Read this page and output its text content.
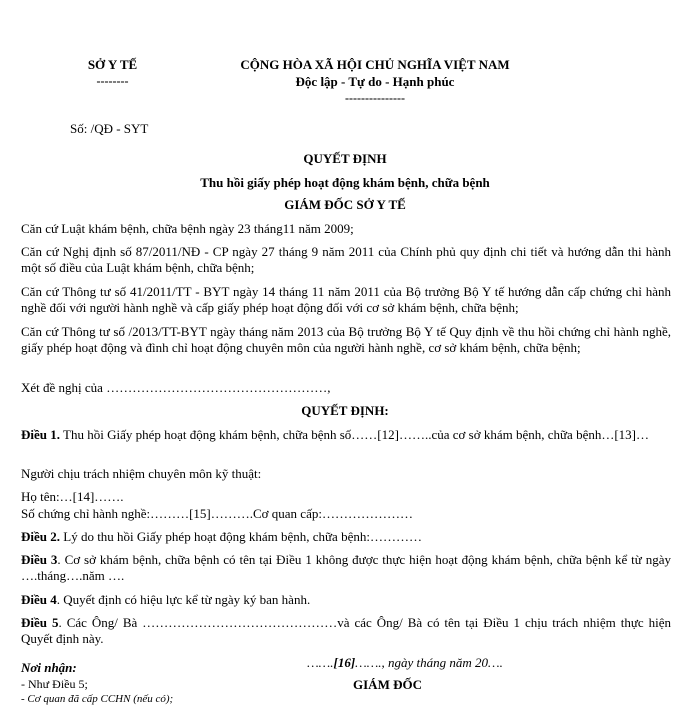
SỞ Y TẾ
--------
CỘNG HÒA XÃ HỘI CHỦ NGHĨA VIỆT NAM
Độc lập - Tự do - Hạnh phúc
---------------
Số: /QĐ - SYT
QUYẾT ĐỊNH
Thu hồi giấy phép hoạt động khám bệnh, chữa bệnh
GIÁM ĐỐC SỞ Y TẾ
Căn cứ Luật khám bệnh, chữa bệnh ngày 23 tháng11 năm 2009;
Căn cứ Nghị định số 87/2011/NĐ - CP ngày 27 tháng 9 năm 2011 của Chính phủ quy định chi tiết và hướng dẫn thi hành một số điều của Luật khám bệnh, chữa bệnh;
Căn cứ Thông tư số 41/2011/TT - BYT ngày 14 tháng 11 năm 2011 của Bộ trưởng Bộ Y tế hướng dẫn cấp chứng chỉ hành nghề đối với người hành nghề và cấp giấy phép hoạt động đối với cơ sở khám bệnh, chữa bệnh;
Căn cứ Thông tư số /2013/TT-BYT ngày tháng năm 2013 của Bộ trưởng Bộ Y tế Quy định về thu hồi chứng chỉ hành nghề, giấy phép hoạt động và đình chỉ hoạt động chuyên môn của người hành nghề, cơ sở khám bệnh, chữa bệnh;
Xét đề nghị của ……………………………………………,
QUYẾT ĐỊNH:
Điều 1. Thu hồi Giấy phép hoạt động khám bệnh, chữa bệnh số……[12]……..của cơ sở khám bệnh, chữa bệnh…[13]…
Người chịu trách nhiệm chuyên môn kỹ thuật:
Họ tên:…[14]…….
Số chứng chỉ hành nghề:………[15]……….Cơ quan cấp:…………………
Điều 2. Lý do thu hồi Giấy phép hoạt động khám bệnh, chữa bệnh:…………
Điều 3. Cơ sở khám bệnh, chữa bệnh có tên tại Điều 1 không được thực hiện hoạt động khám bệnh, chữa bệnh kể từ ngày ….tháng….năm ….
Điều 4. Quyết định có hiệu lực kể từ ngày ký ban hành.
Điều 5. Các Ông/ Bà ………………………………………và các Ông/ Bà có tên tại Điều 1 chịu trách nhiệm thực hiện Quyết định này.
Nơi nhận:
- Như Điều 5;
- Cơ quan đã cấp CCHN (nếu có);
…….[16]……., ngày tháng năm 20….
GIÁM ĐỐC
